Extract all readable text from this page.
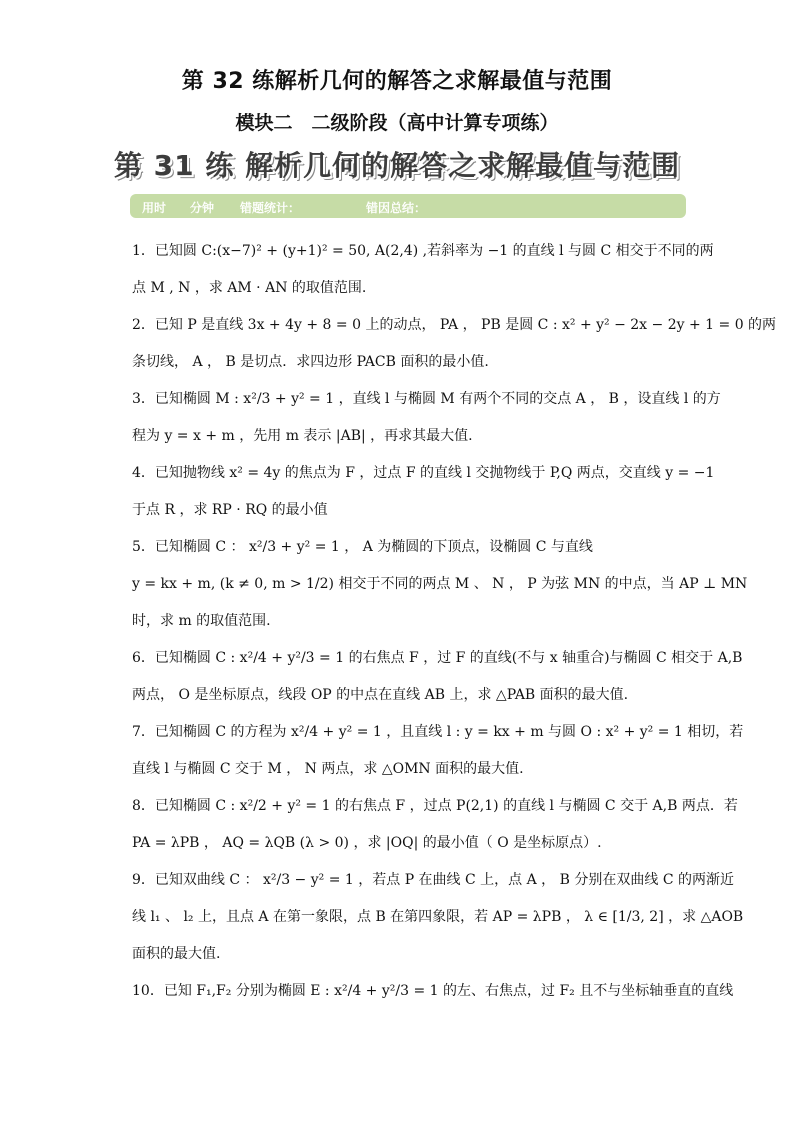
第 32 练解析几何的解答之求解最值与范围
模块二　二级阶段（高中计算专项练）
第 31 练 解析几何的解答之求解最值与范围
用时 分钟 错题统计：	错因总结：
1．已知圆 C:(x−7)² + (y+1)² = 50, A(2,4) ,若斜率为 −1 的直线 l 与圆 C 相交于不同的两
点 M , N ，求 AM · AN 的取值范围.
2．已知 P 是直线 3x + 4y + 8 = 0 上的动点， PA ， PB 是圆 C : x² + y² − 2x − 2y + 1 = 0 的两
条切线， A ， B 是切点．求四边形 PACB 面积的最小值.
3．已知椭圆 M : x²/3 + y² = 1 ，直线 l 与椭圆 M 有两个不同的交点 A ， B ，设直线 l 的方
程为 y = x + m ，先用 m 表示 |AB| ，再求其最大值.
4．已知抛物线 x² = 4y 的焦点为 F ，过点 F 的直线 l 交抛物线于 P,Q 两点，交直线 y = −1
于点 R ，求 RP · RQ 的最小值
5．已知椭圆 C ： x²/3 + y² = 1 ， A 为椭圆的下顶点，设椭圆 C 与直线
y = kx + m, (k ≠ 0, m > 1/2) 相交于不同的两点 M 、 N ， P 为弦 MN 的中点，当 AP ⊥ MN
时，求 m 的取值范围.
6．已知椭圆 C : x²/4 + y²/3 = 1 的右焦点 F ，过 F 的直线(不与 x 轴重合)与椭圆 C 相交于 A,B
两点， O 是坐标原点，线段 OP 的中点在直线 AB 上，求 △PAB 面积的最大值.
7．已知椭圆 C 的方程为 x²/4 + y² = 1 ，且直线 l : y = kx + m 与圆 O : x² + y² = 1 相切，若
直线 l 与椭圆 C 交于 M ， N 两点，求 △OMN 面积的最大值.
8．已知椭圆 C : x²/2 + y² = 1 的右焦点 F ，过点 P(2,1) 的直线 l 与椭圆 C 交于 A,B 两点．若
PA = λPB ， AQ = λQB (λ > 0) ，求 |OQ| 的最小值（ O 是坐标原点）.
9．已知双曲线 C ： x²/3 − y² = 1 ，若点 P 在曲线 C 上，点 A ， B 分别在双曲线 C 的两渐近
线 l₁ 、 l₂ 上，且点 A 在第一象限，点 B 在第四象限，若 AP = λPB ， λ ∈ [1/3, 2] ，求 △AOB
面积的最大值.
10．已知 F₁,F₂ 分别为椭圆 E : x²/4 + y²/3 = 1 的左、右焦点，过 F₂ 且不与坐标轴垂直的直线
